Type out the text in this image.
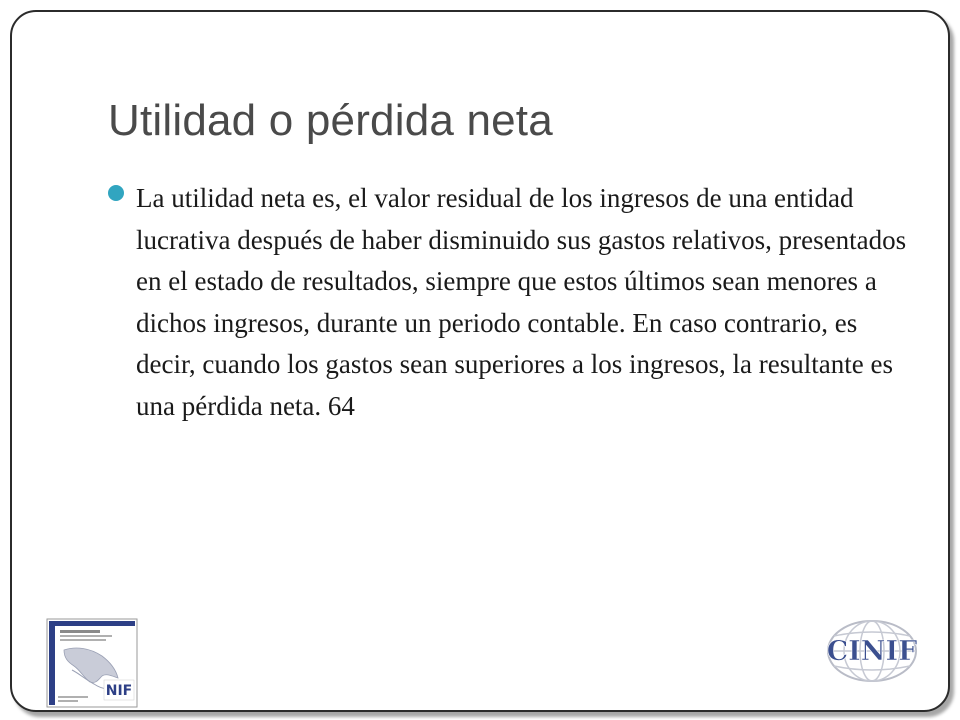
Utilidad o pérdida neta

La utilidad neta es, el valor residual de los ingresos de una entidad lucrativa después de haber disminuido sus gastos relativos, presentados en el estado de resultados, siempre que estos últimos sean menores a dichos ingresos, durante un periodo contable. En caso contrario, es decir, cuando los gastos sean superiores a los ingresos, la resultante es una pérdida neta. 64

NIF
CINIF
